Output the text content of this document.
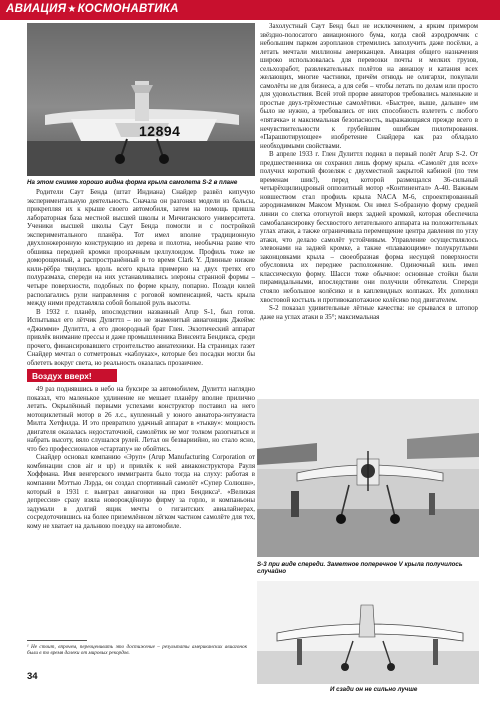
АВИАЦИЯ★КОСМОНАВТИКА
12894
На этом снимке хорошо видна форма крыла самолета S-2 в плане

Родители Саут Бенда (штат Индиана) Снайдер развёл кипучую экспериментальную деятельность. Сначала он разгонял модели из бальсы, прикрепляя их к крыше своего автомобиля, затем на помощь пришла лабораторная база местной высшей школы и Мичиганского университета. Ученики высшей школы Саут Бенда помогли и с постройкой экспериментального планёра. Тот имел вполне традиционную двухлонжеронную конструкцию из дерева и полотна, необычна разве что обшивка передней кромки прозрачным целлулоидом. Профиль тоже не доморощенный, а распространённый в то время Clark Y. Длинные низкие кили-рёбра тянулись вдоль всего крыла примерно на двух третях его полуразмаха, спереди на них устанавливались элероны странной формы – четыре поверхности, подобных по форме крылу, попарно. Позади килей располагались рули направления с роговой компенсацией, часть крыла между ними представляла собой большой руль высоты.

В 1932 г. планёр, впоследствии названный Arup S-1, был готов. Испытывал его лётчик Дулиттл – но не знаменитый авиагонщик Джеймс «Джимми» Дулиттл, а его двоюродный брат Глен. Экзотический аппарат привлёк внимание прессы и даже промышленника Винсента Бендикса, среди прочего, финансировавшего строительство авиатехники. На страницах газет Снайдер мечтал о сотметровых «каблуках», которые без посадки могли бы облететь вокруг света, но реальность оказалась прозаичнее.

Воздух вверх!

49 раз поднявшись в небо на буксире за автомобилем, Дулиттл наглядно показал, что маленькое удлинение не мешает планёру вполне прилично летать. Окрылённый первыми успехами конструктор поставил на него мотоциклетный мотор в 26 л.с., купленный у юного авиатора-энтузиаста Милта Хетфилда. И это превратило удачный аппарат в «тыкву»: мощность двигателя оказалась недостаточной, самолётик не мог толком разогнаться и набрать высоту, вяло слушался рулей. Летал он безвариийно, но стало ясно, что без профессионалов «стартапу» не обойтись.

Снайдер основал компанию «Эруп» (Arup Manufacturing Corporation от комбинации слов air и up) и привлёк к ней авиаконструктора Рауля Хоффмана. Имя венгерского иммигранта было тогда на слуху: работая в компании Мэттью Лэрда, он создал спортивный самолёт «Супер Солюшн», который в 1931 г. выиграл авиагонки на приз Бендикса¹. «Великая депрессия» сразу взяла новорождённую фирму за горло, и компаньоны задумали в долгий ящик мечты о гигантских авиалайнерах, сосредоточившись на более приземлённом лёгком частном самолёте для тех, кому не хватает на дальнюю поездку на автомобиле.

¹ Не стоит, впрочем, переоценивать это достижение – результаты американских авиагонок были в то время далеки от мировых рекордов.

Захолустный Саут Бенд был не исключением, а ярким примером звёздно-полосатого авиационного бума, когда свой аэродромчик с небольшим парком аэропланов стремились заполучить даже посёлки, а летать мечтали миллионы американцев. Авиация общего назначения широко использовалась для перевозки почты и мелких грузов, сельхозработ, развлекательных полётов на авиашоу и катания всех желающих, многие частники, причём отнюдь не олигархи, покупали самолёты не для бизнеса, а для себя – чтобы летать по делам или просто для удовольствия. Всей этой прорве авиаторов требовались маленькие и простые двух-трёхместные самолётики. «Быстрее, выше, дальше» им было не нужно, а требовались от них способность взлететь с любого «пятачка» и максимальная безопасность, выражающаяся прежде всего в нечувствительности к грубейшим ошибкам пилотирования. «Парашютирующее» изобретение Снайдера как раз обладало необходимыми свойствами.

В апреле 1933 г. Глен Дулиттл поднял в первый полёт Arup S-2. От предшественника он сохранил лишь форму крыла. «Самолёт для всех» получил короткий фюзеляж с двухместной закрытой кабиной (по тем временам шик!), перед которой размещался 36-сильный четырёхцилиндровый оппозитный мотор «Континентал» A-40. Важным новшеством стал профиль крыла NACA M-6, спроектированный аэродинамиком Максом Мунком. Он имел S-образную форму средней линии со слегка отогнутой вверх задней кромкой, которая обеспечила самобалансировку бесхвостого летательного аппарата на положительных углах атаки, а также ограничивала перемещение центра давления по углу атаки, что делало самолёт устойчивым. Управление осуществлялось элевонами на задней кромке, а также «плавающими» полукруглыми законцовками крыла – своеобразная форма несущей поверхности обусловила их переднее расположение. Одиночный киль имел классическую форму. Шасси тоже обычное: основные стойки были пирамидальными, впоследствии они получили обтекатели. Спереди стояло небольшое колёсико и в каплевидных колпаках. Их дополнял хвостовой костыль и противокапотажное колёсико под двигателем.

S-2 показал удивительные лётные качества: не срывался в штопор даже на углах атаки в 35°; максимальная

S-3 при виде спереди. Заметное поперечное V крыла получилось случайно
И сзади он не сильно лучше
34
